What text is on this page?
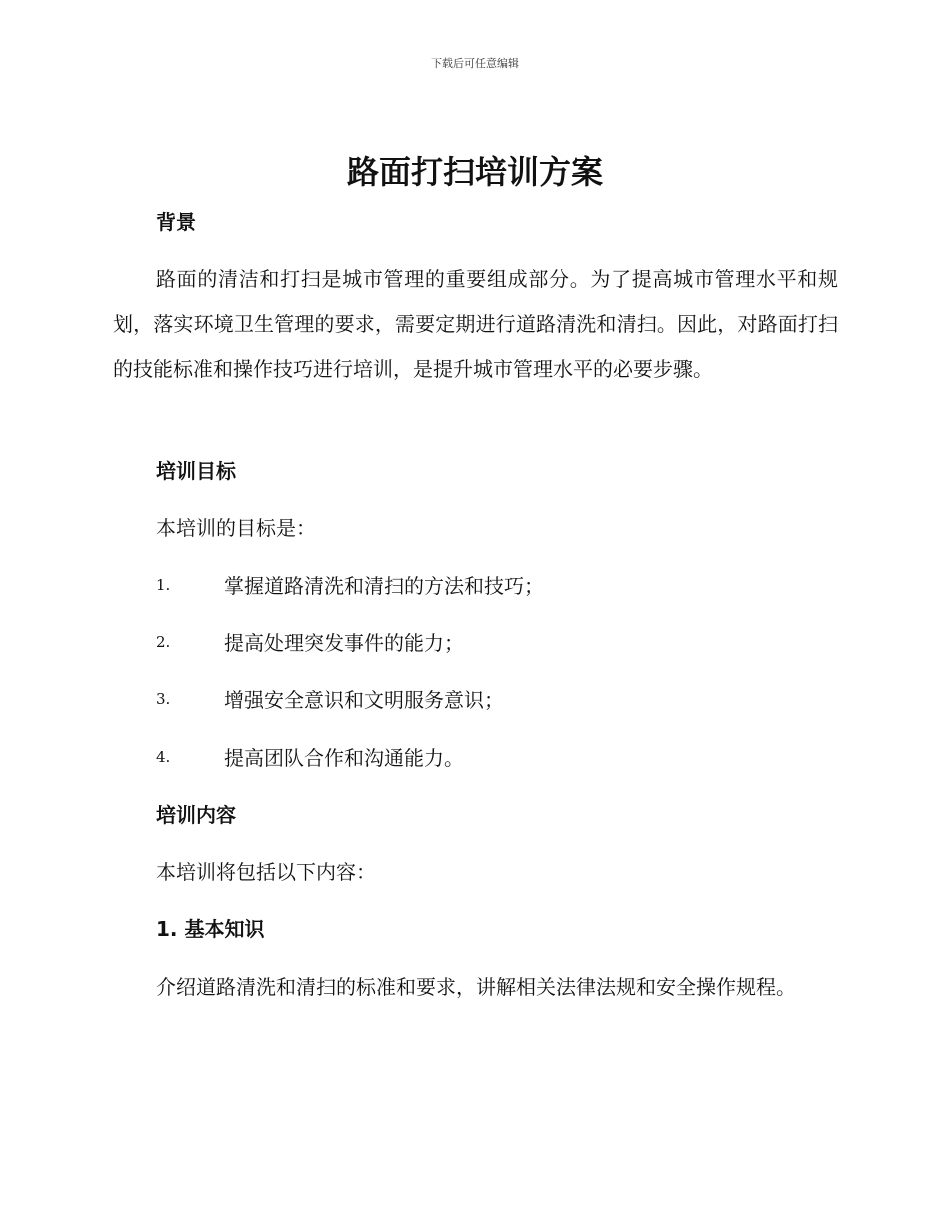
下载后可任意编辑
路面打扫培训方案
背景

路面的清洁和打扫是城市管理的重要组成部分。为了提高城市管理水平和规划，落实环境卫生管理的要求，需要定期进行道路清洗和清扫。因此，对路面打扫的技能标准和操作技巧进行培训，是提升城市管理水平的必要步骤。

培训目标

本培训的目标是：

1.	掌握道路清洗和清扫的方法和技巧；
2.	提高处理突发事件的能力；
3.	增强安全意识和文明服务意识；
4.	提高团队合作和沟通能力。
培训内容

本培训将包括以下内容：

1. 基本知识

介绍道路清洗和清扫的标准和要求，讲解相关法律法规和安全操作规程。
